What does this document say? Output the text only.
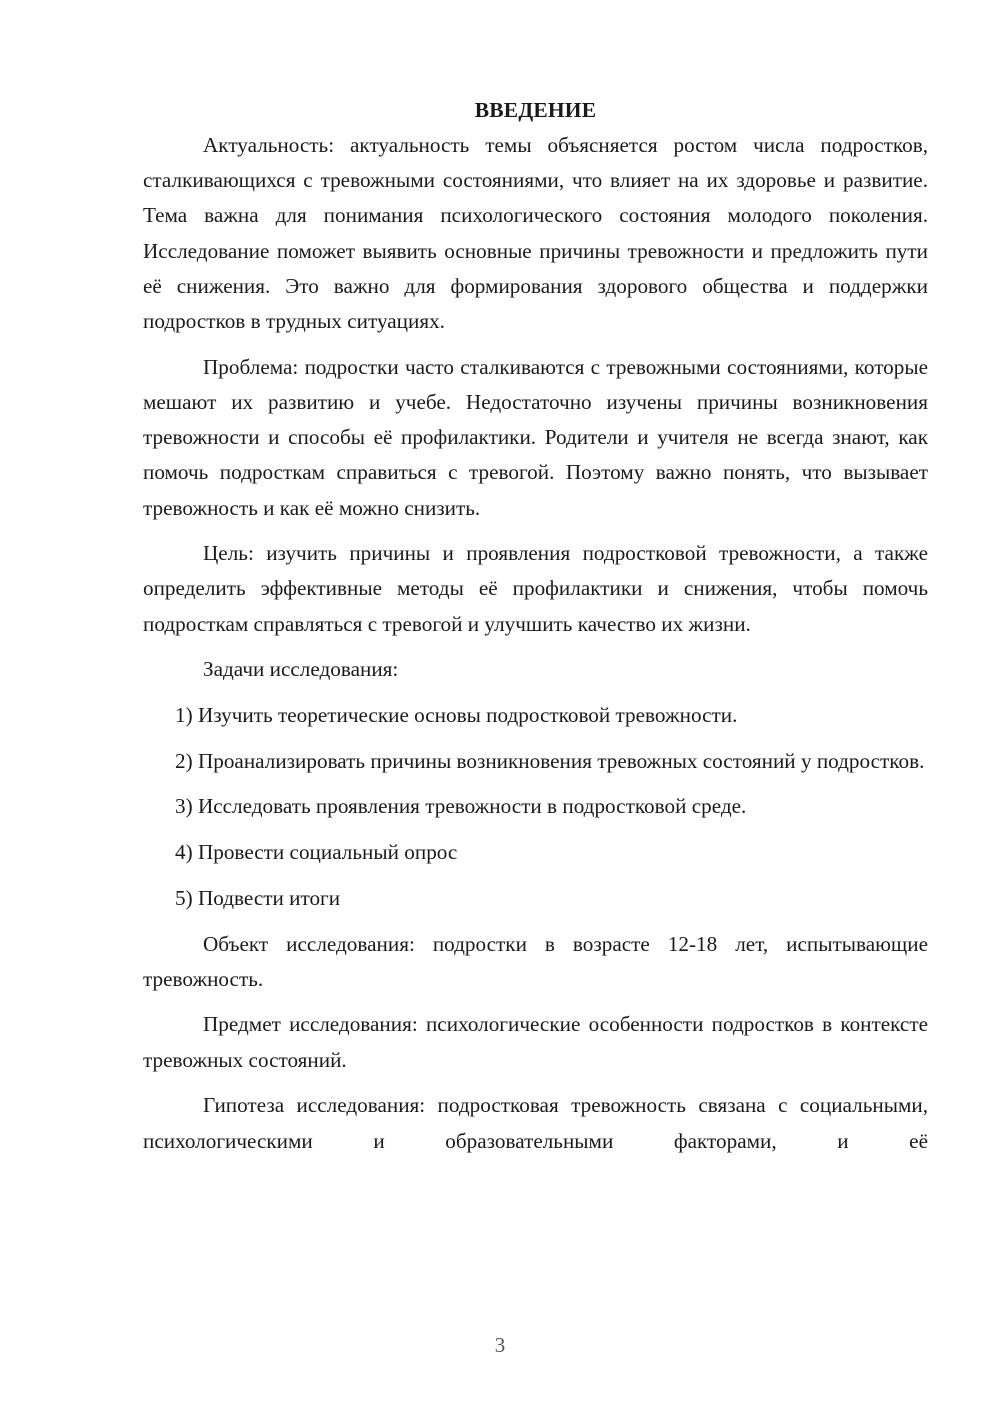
ВВЕДЕНИЕ

Актуальность: актуальность темы объясняется ростом числа подростков, сталкивающихся с тревожными состояниями, что влияет на их здоровье и развитие. Тема важна для понимания психологического состояния молодого поколения. Исследование поможет выявить основные причины тревожности и предложить пути её снижения. Это важно для формирования здорового общества и поддержки подростков в трудных ситуациях.

Проблема: подростки часто сталкиваются с тревожными состояниями, которые мешают их развитию и учебе. Недостаточно изучены причины возникновения тревожности и способы её профилактики. Родители и учителя не всегда знают, как помочь подросткам справиться с тревогой. Поэтому важно понять, что вызывает тревожность и как её можно снизить.

Цель: изучить причины и проявления подростковой тревожности, а также определить эффективные методы её профилактики и снижения, чтобы помочь подросткам справляться с тревогой и улучшить качество их жизни.

Задачи исследования:

1) Изучить теоретические основы подростковой тревожности.

2) Проанализировать причины возникновения тревожных состояний у подростков.

3) Исследовать проявления тревожности в подростковой среде.

4) Провести социальный опрос

5) Подвести итоги

Объект исследования: подростки в возрасте 12-18 лет, испытывающие тревожность.

Предмет исследования: психологические особенности подростков в контексте тревожных состояний.

Гипотеза исследования: подростковая тревожность связана с социальными, психологическими и образовательными факторами, и её

3
